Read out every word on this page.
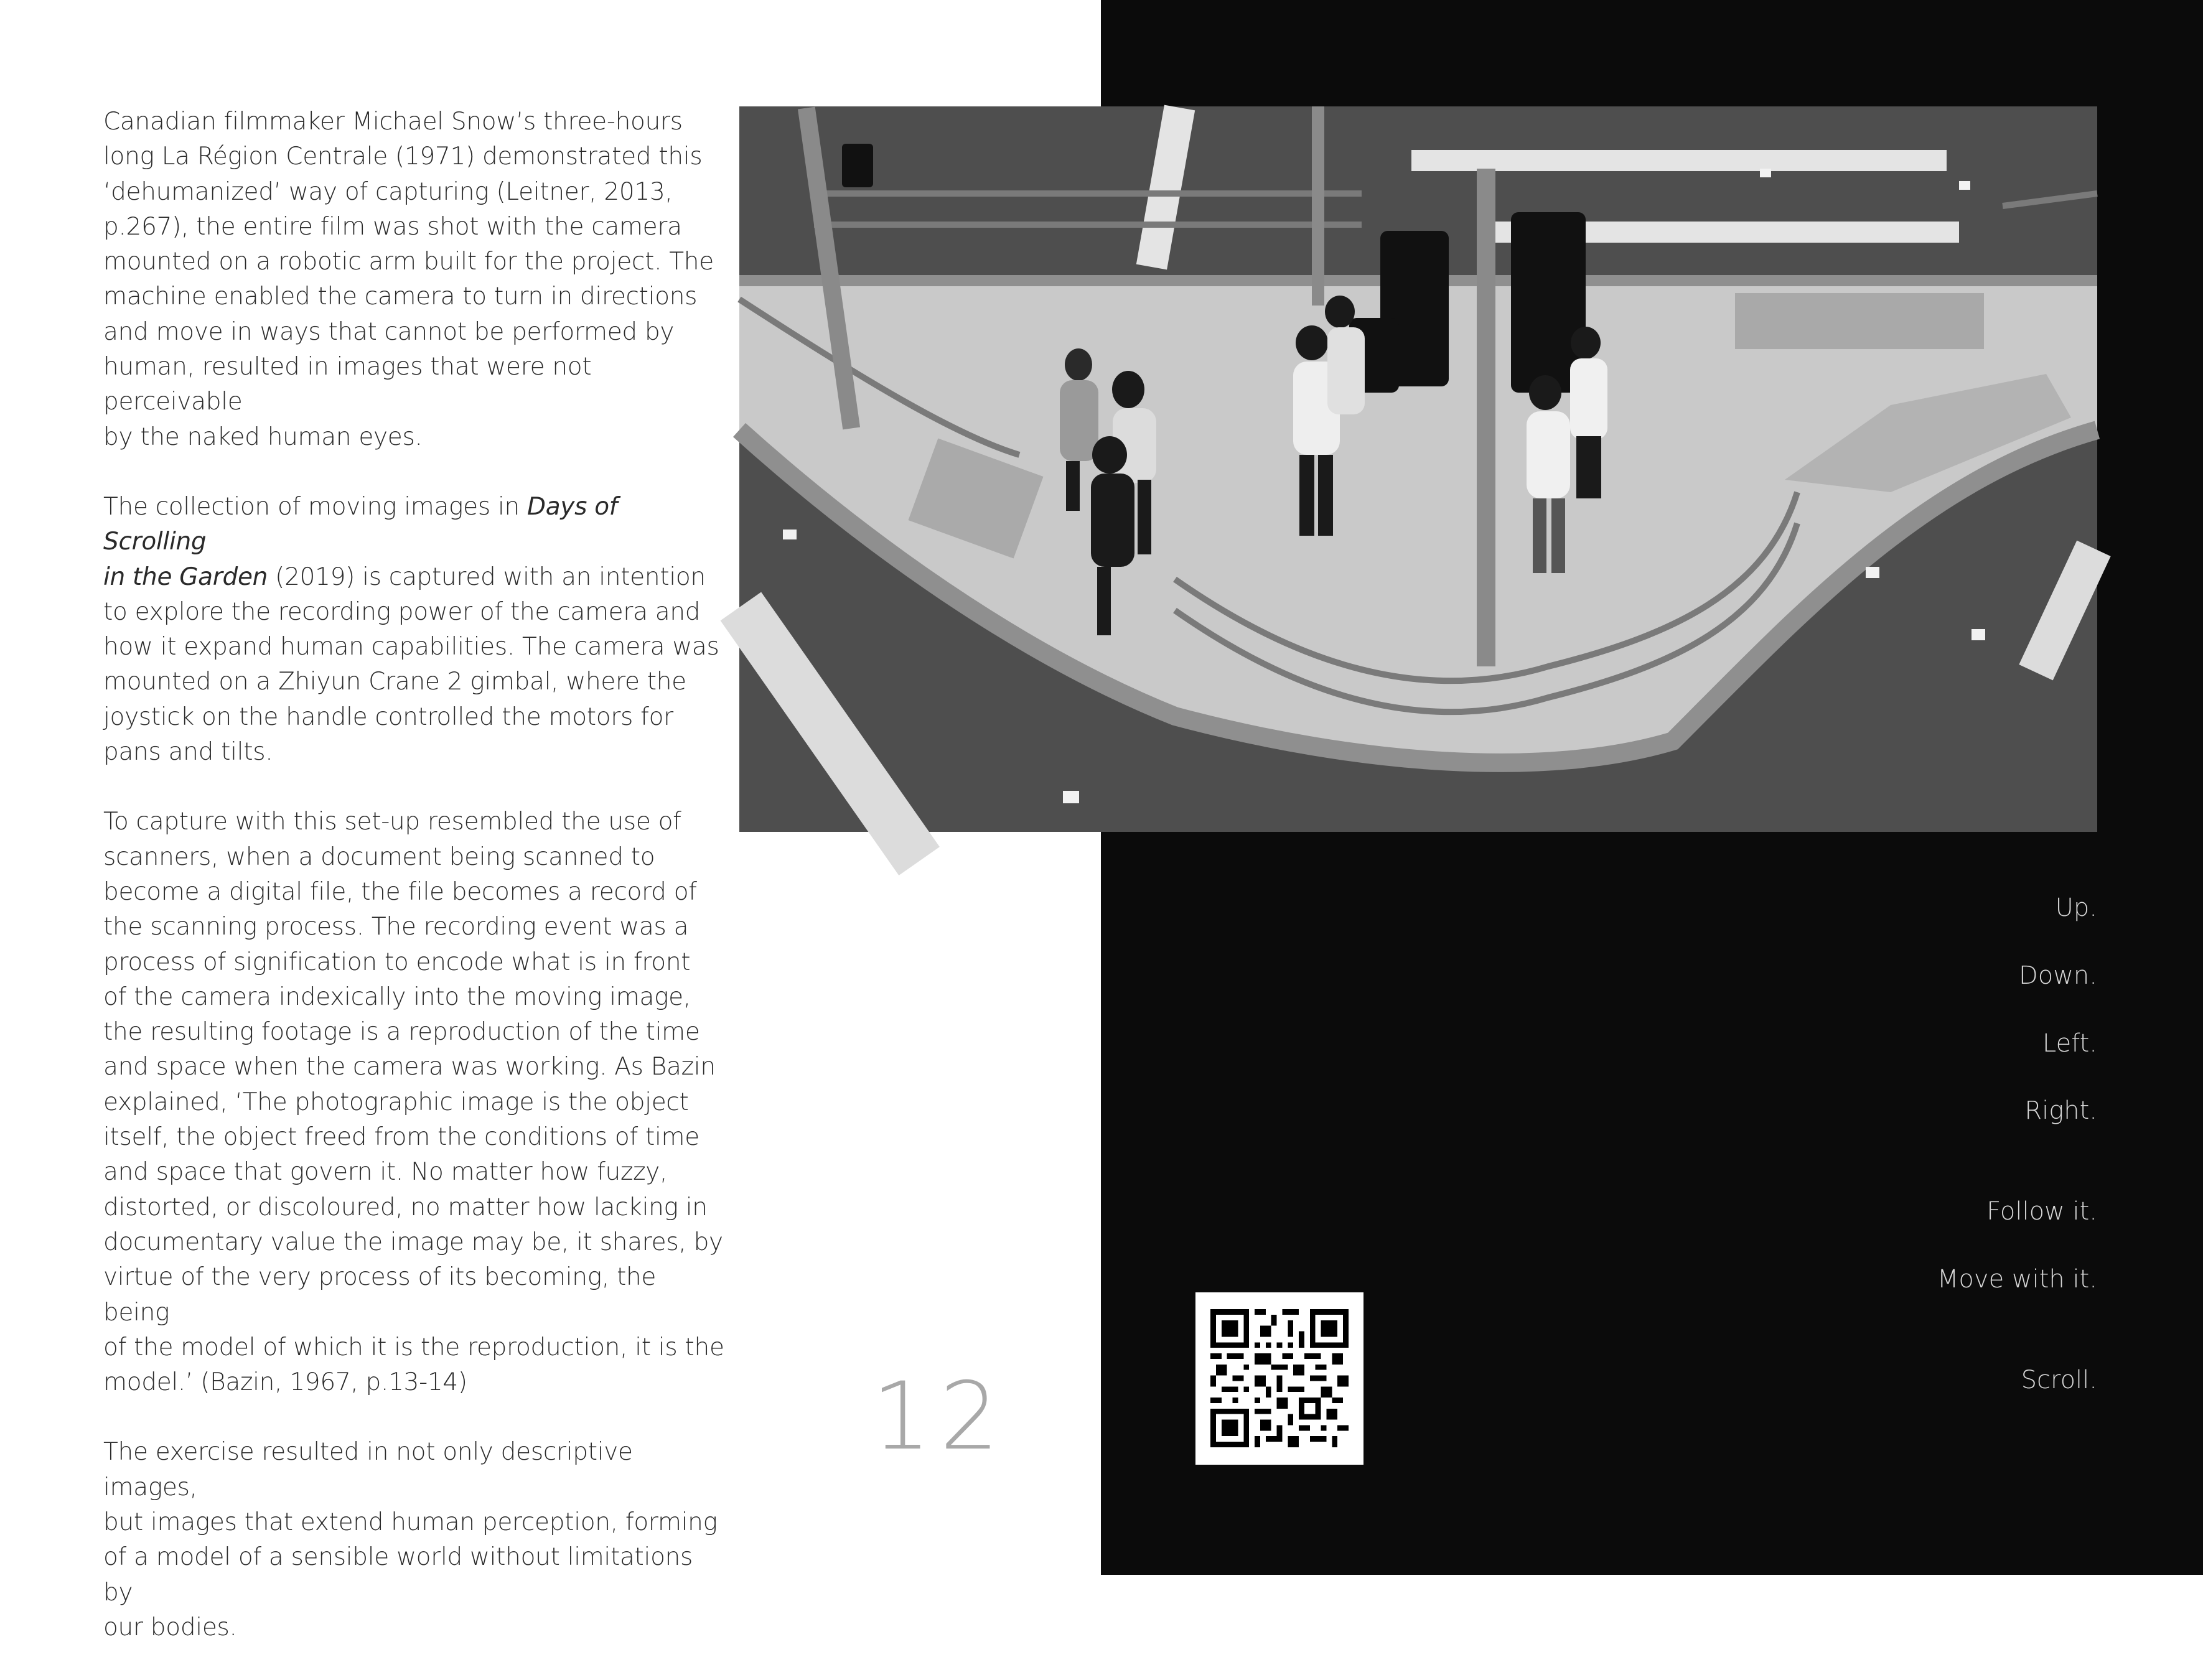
Canadian filmmaker Michael Snow’s three-hours
long La Région Centrale (1971) demonstrated this
‘dehumanized’ way of capturing (Leitner, 2013,
p.267), the entire film was shot with the camera
mounted on a robotic arm built for the project. The
machine enabled the camera to turn in directions
and move in ways that cannot be performed by
human, resulted in images that were not perceivable
by the naked human eyes.

The collection of moving images in Days of Scrolling
in the Garden (2019) is captured with an intention
to explore the recording power of the camera and
how it expand human capabilities. The camera was
mounted on a Zhiyun Crane 2 gimbal, where the
joystick on the handle controlled the motors for
pans and tilts.

To capture with this set-up resembled the use of
scanners, when a document being scanned to
become a digital file, the file becomes a record of
the scanning process. The recording event was a
process of signification to encode what is in front
of the camera indexically into the moving image,
the resulting footage is a reproduction of the time
and space when the camera was working. As Bazin
explained, ‘The photographic image is the object
itself, the object freed from the conditions of time
and space that govern it. No matter how fuzzy,
distorted, or discoloured, no matter how lacking in
documentary value the image may be, it shares, by
virtue of the very process of its becoming, the being
of the model of which it is the reproduction, it is the
model.’ (Bazin, 1967, p.13-14)

The exercise resulted in not only descriptive images,
but images that extend human perception, forming
of a model of a sensible world without limitations by
our bodies.

12
Up.
Down.
Left.
Right.
Follow it.
Move with it.
Scroll.
